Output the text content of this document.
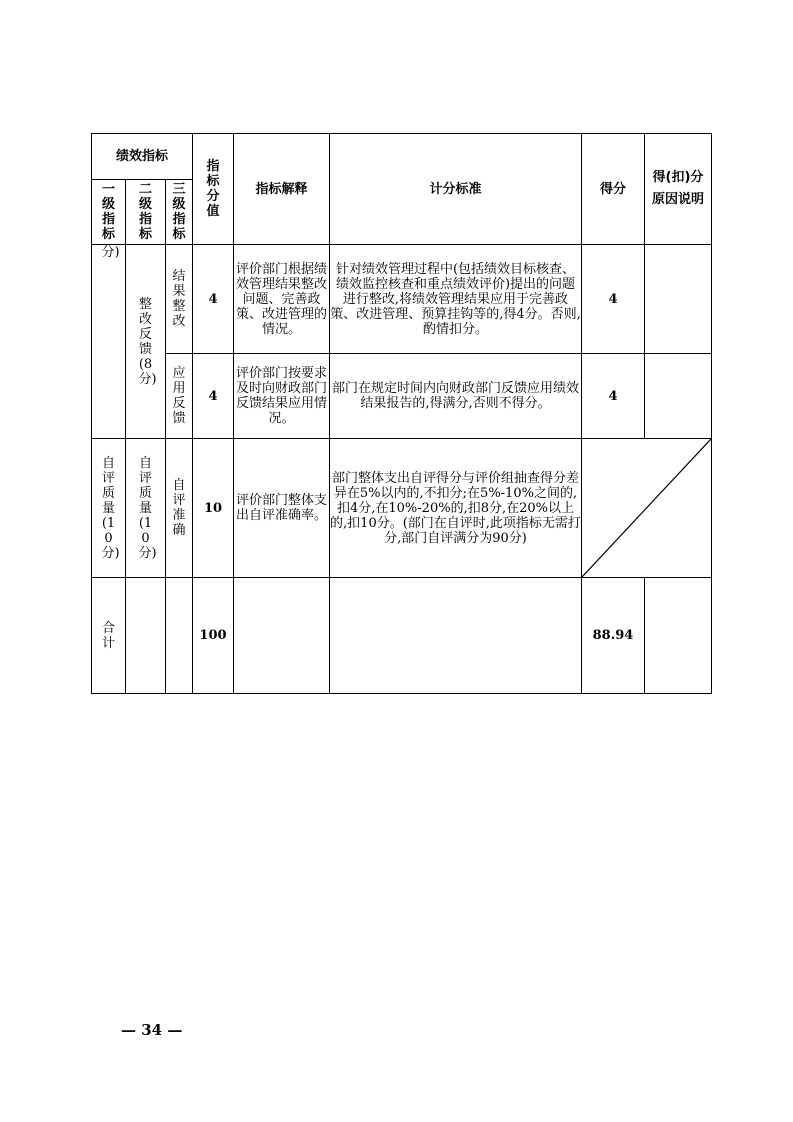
绩效指标			指标分值	指标解释	计分标准	得分	得(扣)分原因说明
一级指标	二级指标	三级指标					
分)	整改反馈(8分)	结果整改	4	评价部门根据绩效管理结果整改问题、完善政策、改进管理的情况。	针对绩效管理过程中(包括绩效目标核查、绩效监控核查和重点绩效评价)提出的问题进行整改,将绩效管理结果应用于完善政策、改进管理、预算挂钩等的,得4分。否则,酌情扣分。	4	
		应用反馈	4	评价部门按要求及时向财政部门反馈结果应用情况。	部门在规定时间内向财政部门反馈应用绩效结果报告的,得满分,否则不得分。	4	
自评质量(10分)	自评质量(10分)	自评准确	10	评价部门整体支出自评准确率。	部门整体支出自评得分与评价组抽查得分差异在5%以内的,不扣分;在5%-10%之间的,扣4分,在10%-20%的,扣8分,在20%以上的,扣10分。(部门在自评时,此项指标无需打分,部门自评满分为90分)	

合计			100			88.94	
— 34 —
